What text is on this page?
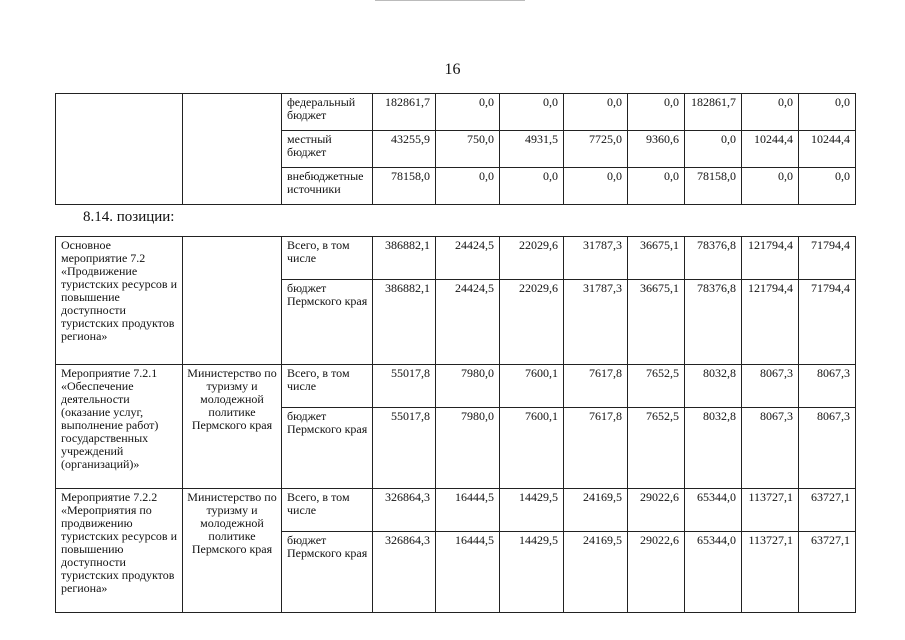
16
		федеральный бюджет	182861,7	0,0	0,0	0,0	0,0	182861,7	0,0	0,0
		местный бюджет	43255,9	750,0	4931,5	7725,0	9360,6	0,0	10244,4	10244,4
		внебюджетные источники	78158,0	0,0	0,0	0,0	0,0	78158,0	0,0	0,0
8.14. позиции:
Основное мероприятие 7.2 «Продвижение туристских ресурсов и повышение доступности туристских продуктов региона»		Всего, в том числе	386882,1	24424,5	22029,6	31787,3	36675,1	78376,8	121794,4	71794,4
		бюджет Пермского края	386882,1	24424,5	22029,6	31787,3	36675,1	78376,8	121794,4	71794,4
Мероприятие 7.2.1 «Обеспечение деятельности (оказание услуг, выполнение работ) государственных учреждений (организаций)»	Министерство по туризму и молодежной политике Пермского края	Всего, в том числе	55017,8	7980,0	7600,1	7617,8	7652,5	8032,8	8067,3	8067,3
		бюджет Пермского края	55017,8	7980,0	7600,1	7617,8	7652,5	8032,8	8067,3	8067,3
Мероприятие 7.2.2 «Мероприятия по продвижению туристских ресурсов и повышению доступности туристских продуктов региона»	Министерство по туризму и молодежной политике Пермского края	Всего, в том числе	326864,3	16444,5	14429,5	24169,5	29022,6	65344,0	113727,1	63727,1
		бюджет Пермского края	326864,3	16444,5	14429,5	24169,5	29022,6	65344,0	113727,1	63727,1
